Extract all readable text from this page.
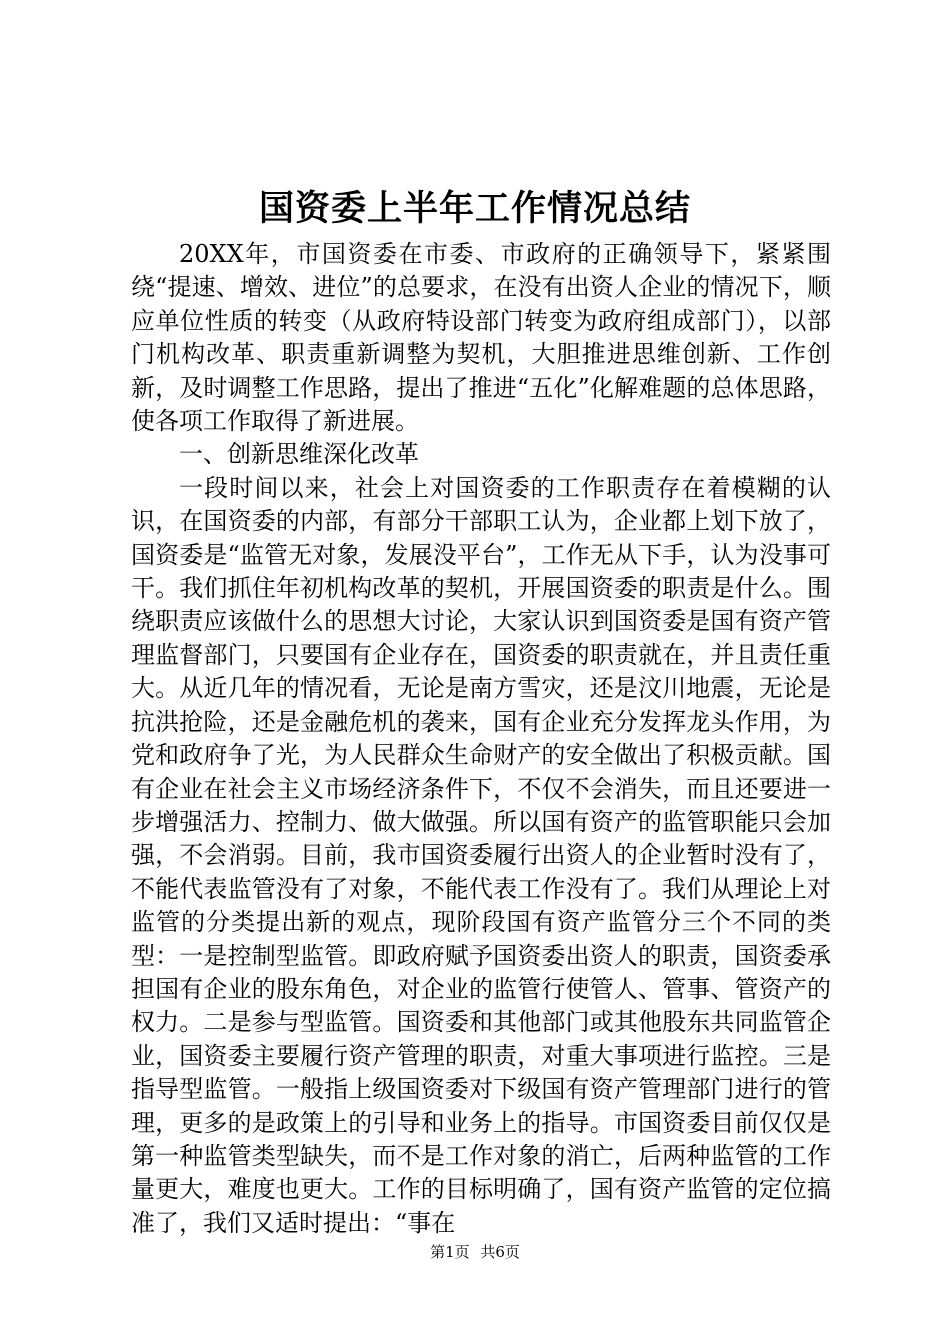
国资委上半年工作情况总结

20XX年，市国资委在市委、市政府的正确领导下，紧紧围绕“提速、增效、进位”的总要求，在没有出资人企业的情况下，顺应单位性质的转变（从政府特设部门转变为政府组成部门），以部门机构改革、职责重新调整为契机，大胆推进思维创新、工作创新，及时调整工作思路，提出了推进“五化”化解难题的总体思路，使各项工作取得了新进展。

一、创新思维深化改革

一段时间以来，社会上对国资委的工作职责存在着模糊的认识，在国资委的内部，有部分干部职工认为，企业都上划下放了，国资委是“监管无对象，发展没平台”，工作无从下手，认为没事可干。我们抓住年初机构改革的契机，开展国资委的职责是什么。围绕职责应该做什么的思想大讨论，大家认识到国资委是国有资产管理监督部门，只要国有企业存在，国资委的职责就在，并且责任重大。从近几年的情况看，无论是南方雪灾，还是汶川地震，无论是抗洪抢险，还是金融危机的袭来，国有企业充分发挥龙头作用，为党和政府争了光，为人民群众生命财产的安全做出了积极贡献。国有企业在社会主义市场经济条件下，不仅不会消失，而且还要进一步增强活力、控制力、做大做强。所以国有资产的监管职能只会加强，不会消弱。目前，我市国资委履行出资人的企业暂时没有了，不能代表监管没有了对象，不能代表工作没有了。我们从理论上对监管的分类提出新的观点，现阶段国有资产监管分三个不同的类型：一是控制型监管。即政府赋予国资委出资人的职责，国资委承担国有企业的股东角色，对企业的监管行使管人、管事、管资产的权力。二是参与型监管。国资委和其他部门或其他股东共同监管企业，国资委主要履行资产管理的职责，对重大事项进行监控。三是指导型监管。一般指上级国资委对下级国有资产管理部门进行的管理，更多的是政策上的引导和业务上的指导。市国资委目前仅仅是第一种监管类型缺失，而不是工作对象的消亡，后两种监管的工作量更大，难度也更大。工作的目标明确了，国有资产监管的定位搞准了，我们又适时提出：“事在

第1页 共6页
